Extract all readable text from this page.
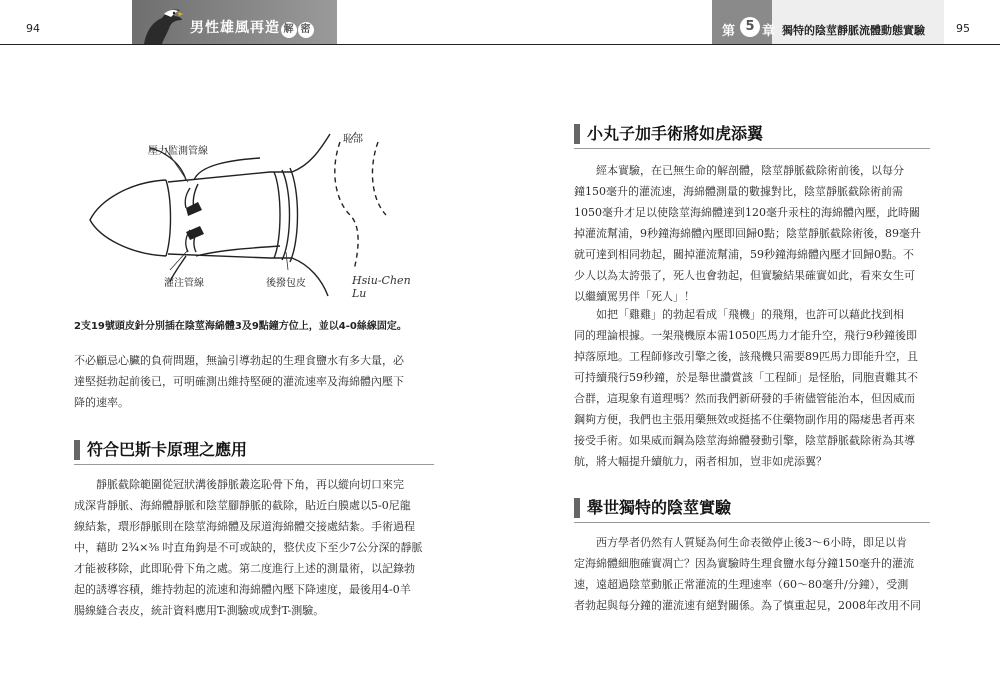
94	男性雄風再造 解 密	第 5 章 獨特的陰莖靜脈流體動態實驗	95
壓力監測管線
恥部
灌注管線	後撥包皮	Hsiu-Chen Lu
2支19號頭皮針分別插在陰莖海綿體3及9點鐘方位上，並以4-0絲線固定。
不必顧忌心臟的負荷問題，無論引導勃起的生理食鹽水有多大量，必
達堅挺勃起前後已，可明確測出維持堅硬的灌流速率及海綿體內壓下
降的速率。
符合巴斯卡原理之應用
靜脈截除範圍從冠狀溝後靜脈叢迄恥骨下角，再以縱向切口來完
成深背靜脈、海綿體靜脈和陰莖腳靜脈的截除，貼近白膜處以5-0尼龍
線結紮，環形靜脈則在陰莖海綿體及尿道海綿體交接處結紮。手術過程
中，藉助 2¾×⅜ 吋直角鉤是不可或缺的，整伏皮下至少7公分深的靜脈
才能被移除，此即恥骨下角之處。第二度進行上述的測量術，以記錄勃
起的誘導容積，維持勃起的流速和海綿體內壓下降速度，最後用4-0羊
腸線縫合表皮，統計資料應用T-測驗或成對T-測驗。
小丸子加手術將如虎添翼
經本實驗，在已無生命的解剖體，陰莖靜脈截除術前後，以每分
鐘150毫升的灌流速，海綿體測量的數據對比，陰莖靜脈截除術前需
1050毫升才足以使陰莖海綿體達到120毫升汞柱的海綿體內壓，此時關
掉灌流幫浦，9秒鐘海綿體內壓即回歸0點；陰莖靜脈截除術後，89毫升
就可達到相同勃起，關掉灌流幫浦，59秒鐘海綿體內壓才回歸0點。不
少人以為太誇張了，死人也會勃起，但實驗結果確實如此，看來女生可
以繼續罵男伴「死人」！
如把「雞雞」的勃起看成「飛機」的飛翔，也許可以藉此找到相
同的理論根據。一架飛機原本需1050匹馬力才能升空，飛行9秒鐘後即
掉落原地。工程師修改引擎之後，該飛機只需要89匹馬力即能升空，且
可持續飛行59秒鐘，於是舉世讚賞該「工程師」是怪胎，同胞責難其不
合群，這現象有道理嗎？然而我們新研發的手術儘管能治本，但因威而
鋼夠方便，我們也主張用藥無效或挺搖不住藥物副作用的陽痿患者再來
接受手術。如果威而鋼為陰莖海綿體發動引擎，陰莖靜脈截除術為其導
航，將大幅提升續航力，兩者相加，豈非如虎添翼？
舉世獨特的陰莖實驗
西方學者仍然有人質疑為何生命表徵停止後3～6小時，即足以肯
定海綿體細胞確實凋亡？因為實驗時生理食鹽水每分鐘150毫升的灌流
速，遠超過陰莖動脈正常灌流的生理速率（60～80毫升/分鐘），受測
者勃起與每分鐘的灌流速有絕對關係。為了慎重起見，2008年改用不同
